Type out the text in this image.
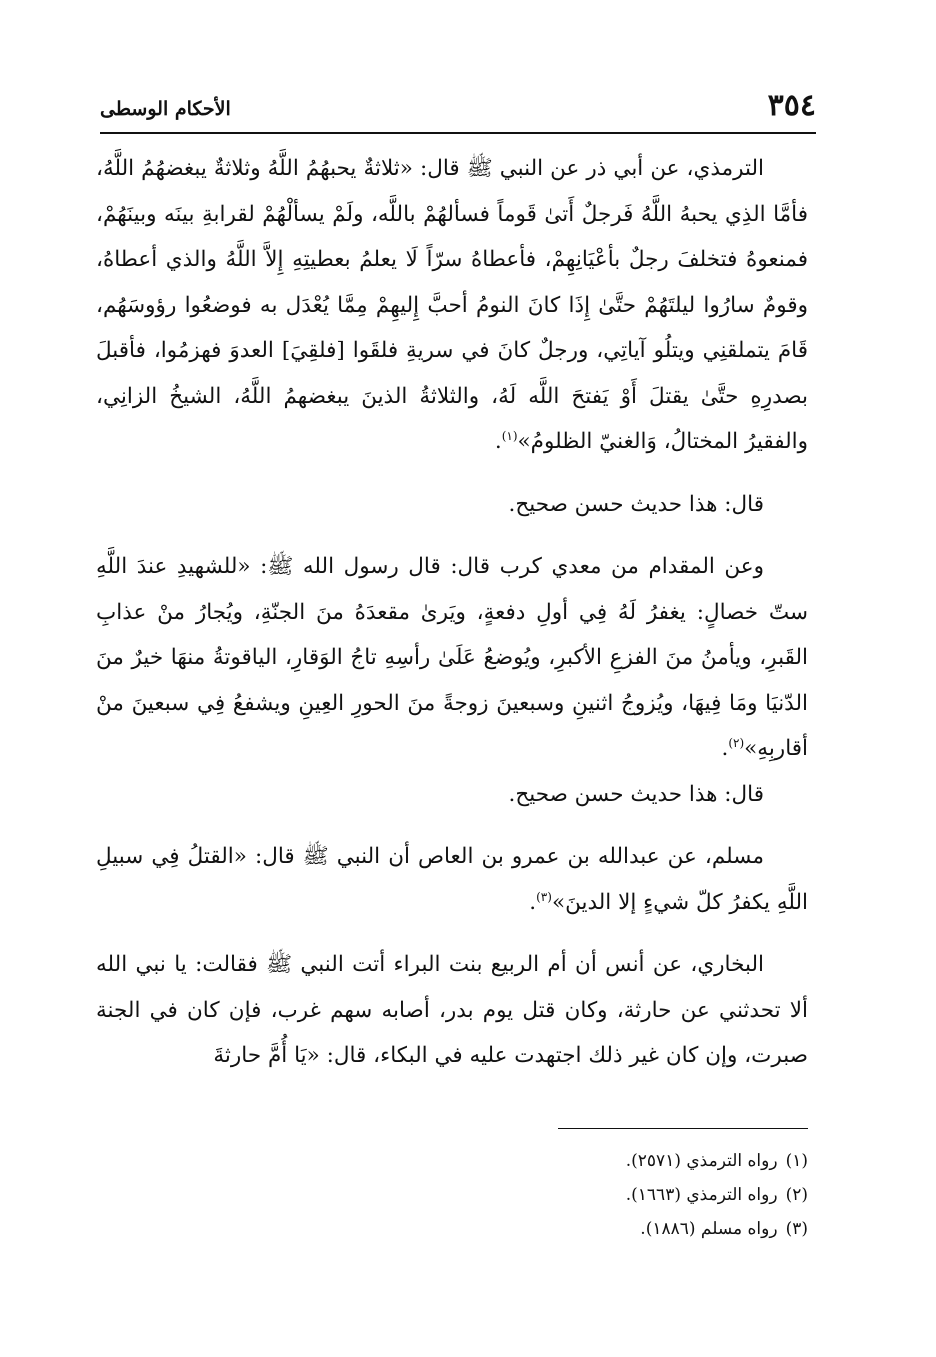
٣٥٤
الأحكام الوسطى

الترمذي، عن أبي ذر عن النبي ﷺ قال: «ثلاثةٌ يحبهُمُ اللَّهُ وثلاثةٌ يبغضهُمُ اللَّهُ، فأمَّا الذِي يحبهُ اللَّهُ فَرجلٌ أَتىٰ قَوماً فسألهُمْ باللَّه، ولَمْ يسألْهُمْ لقرابةِ بينَه وبينَهُمْ، فمنعوهُ فتخلفَ رجلٌ بأعْيَانِهِمْ، فأعطاهُ سرّاً لَا يعلمُ بعطيتِهِ إِلاَّ اللَّهُ والذي أعطاهُ، وقومٌ سارُوا ليلتَهُمْ حتَّىٰ إِذَا كانَ النومُ أحبَّ إِليهِمْ مِمَّا يُعْدَل به فوضعُوا رؤوسَهُم، قَامَ يتملقنِي ويتلُو آياتِي، ورجلٌ كانَ في سريةِ فلقَوا [فلقِيَ] العدوَ فهزمُوا، فأقبلَ بصدرِهِ حتَّىٰ يقتلَ أَوْ يَفتحَ اللَّه لَهُ، والثلاثةُ الذينَ يبغضهمُ اللَّهُ، الشيخُ الزانِي، والفقيرُ المختالُ، وَالغنيّ الظلومُ»$^{(١)}$.

قال: هذا حديث حسن صحيح.

وعن المقدام من معدي كرب قال: قال رسول الله ﷺ: «للشهيدِ عندَ اللَّهِ ستّ خصالٍ: يغفرُ لَهُ فِي أولِ دفعةٍ، ويَرىٰ مقعدَهُ منَ الجنّةِ، ويُجارُ منْ عذابِ القَبرِ، ويأمنُ منَ الفزعِ الأكبرِ، ويُوضعُ عَلَىٰ رأسِهِ تاجُ الوَقارِ، الياقوتةُ منهَا خيرٌ منَ الدّنيَا ومَا فِيهَا، ويُزوجُ اثنينِ وسبعينَ زوجةً منَ الحورِ العِينِ ويشفعُ فِي سبعينَ منْ أقاربِهِ»$^{(٢)}$.

قال: هذا حديث حسن صحيح.

مسلم، عن عبدالله بن عمرو بن العاص أن النبي ﷺ قال: «القتلُ فِي سبيلِ اللَّهِ يكفرُ كلّ شيءٍ إلا الدينَ»$^{(٣)}$.

البخاري، عن أنس أن أم الربيع بنت البراء أتت النبي ﷺ فقالت: يا نبي الله ألا تحدثني عن حارثة، وكان قتل يوم بدر، أصابه سهم غرب، فإن كان في الجنة صبرت، وإن كان غير ذلك اجتهدت عليه في البكاء، قال: «يَا أُمَّ حارثةَ

(١)رواه الترمذي (٢٥٧١).
(٢)رواه الترمذي (١٦٦٣).
(٣)رواه مسلم (١٨٨٦).
